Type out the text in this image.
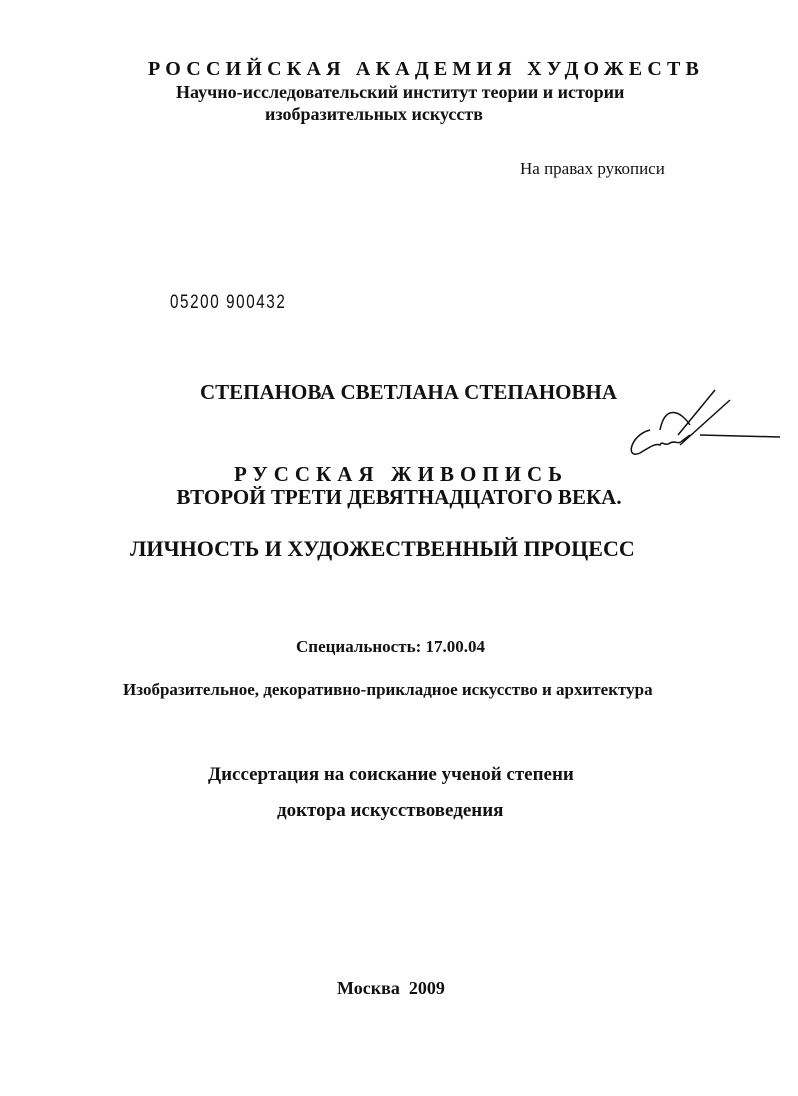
РОССИЙСКАЯ АКАДЕМИЯ ХУДОЖЕСТВ
Научно-исследовательский институт теории и истории
изобразительных искусств
На правах рукописи
05200 900432
СТЕПАНОВА СВЕТЛАНА СТЕПАНОВНА
РУССКАЯ ЖИВОПИСЬ
ВТОРОЙ ТРЕТИ ДЕВЯТНАДЦАТОГО ВЕКА.
ЛИЧНОСТЬ И ХУДОЖЕСТВЕННЫЙ ПРОЦЕСС
Специальность: 17.00.04
Изобразительное, декоративно-прикладное искусство и архитектура
Диссертация на соискание ученой степени
доктора искусствоведения
Москва  2009
